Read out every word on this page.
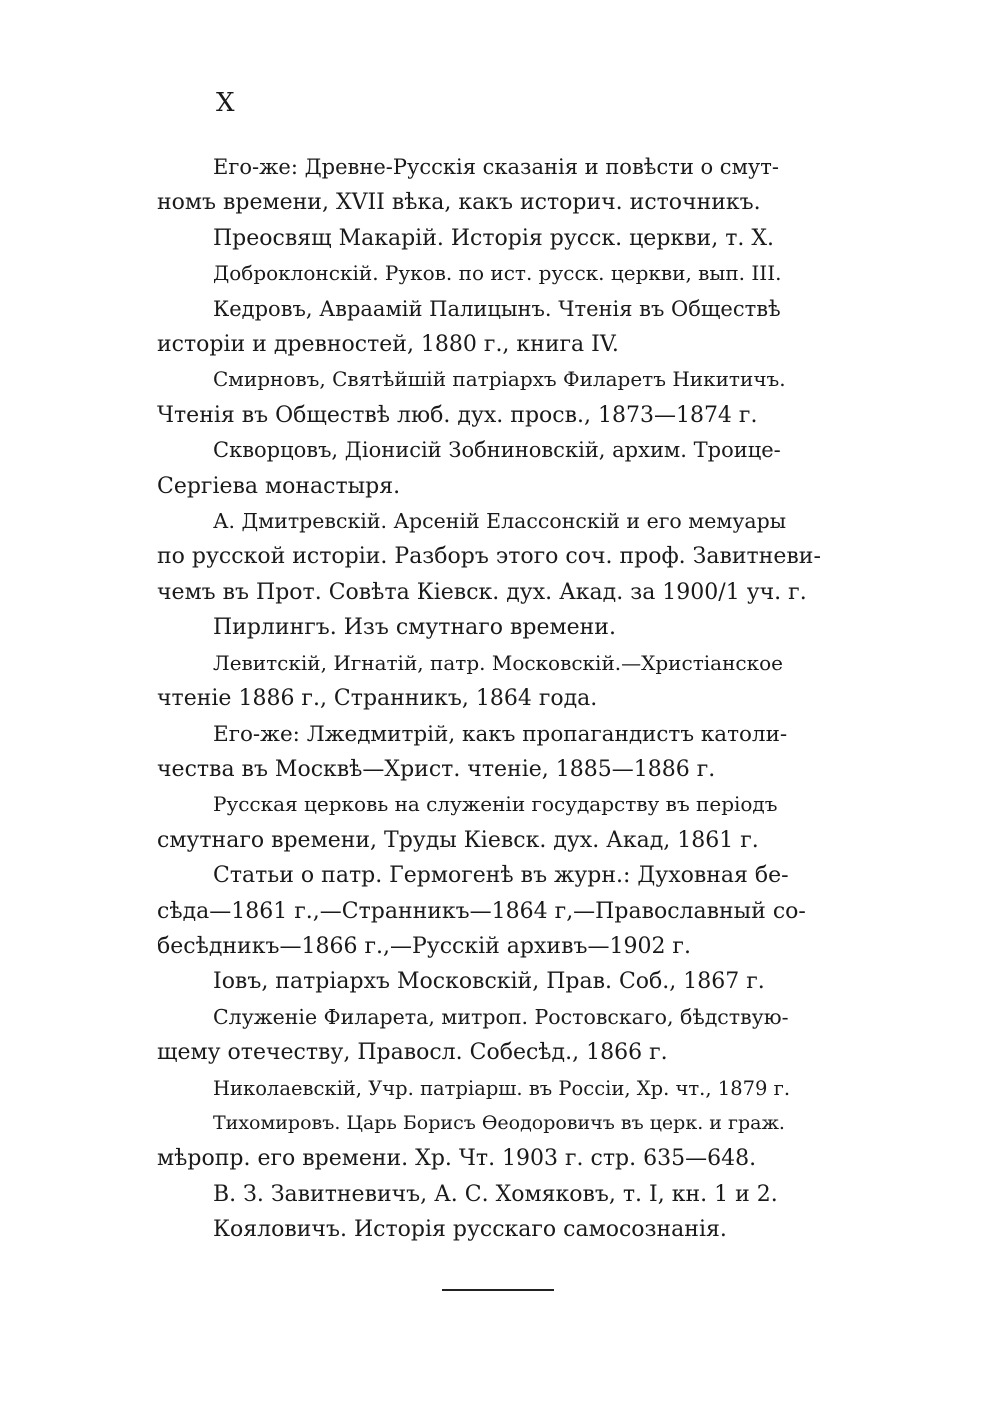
X

Его-же: Древне-Русскія сказанія и повѣсти о смут-
номъ времени, XVII вѣка, какъ историч. источникъ.

Преосвящ Макарій. Исторія русск. церкви, т. X.

Доброклонскій. Руков. по ист. русск. церкви, вып. III.

Кедровъ, Авраамій Палицынъ. Чтенія въ Обществѣ
исторіи и древностей, 1880 г., книга IV.

Смирновъ, Святѣйшій патріархъ Филаретъ Никитичъ.
Чтенія въ Обществѣ люб. дух. просв., 1873—1874 г.

Скворцовъ, Діонисій Зобниновскій, архим. Троице-
Сергіева монастыря.

А. Дмитревскій. Арсеній Елассонскій и его мемуары
по русской исторіи. Разборъ этого соч. проф. Завитневи-
чемъ въ Прот. Совѣта Кіевск. дух. Акад. за 1900/1 уч. г.

Пирлингъ. Изъ смутнаго времени.

Левитскій, Игнатій, патр. Московскій.—Христіанское
чтеніе 1886 г., Странникъ, 1864 года.

Его-же: Лжедмитрій, какъ пропагандистъ католи-
чества въ Москвѣ—Христ. чтеніе, 1885—1886 г.

Русская церковь на служеніи государству въ періодъ
смутнаго времени, Труды Кіевск. дух. Акад, 1861 г.

Статьи о патр. Гермогенѣ въ журн.: Духовная бе-
сѣда—1861 г.,—Странникъ—1864 г,—Православный со-
бесѣдникъ—1866 г.,—Русскій архивъ—1902 г.

Іовъ, патріархъ Московскій, Прав. Соб., 1867 г.

Служеніе Филарета, митроп. Ростовскаго, бѣдствую-
щему отечеству, Правосл. Собесѣд., 1866 г.

Николаевскій, Учр. патріарш. въ Россіи, Хр. чт., 1879 г.

Тихомировъ. Царь Борисъ Ѳеодоровичъ въ церк. и граж.
мѣропр. его времени. Хр. Чт. 1903 г. стр. 635—648.

В. З. Завитневичъ, А. С. Хомяковъ, т. I, кн. 1 и 2.

Кояловичъ. Исторія русскаго самосознанія.
